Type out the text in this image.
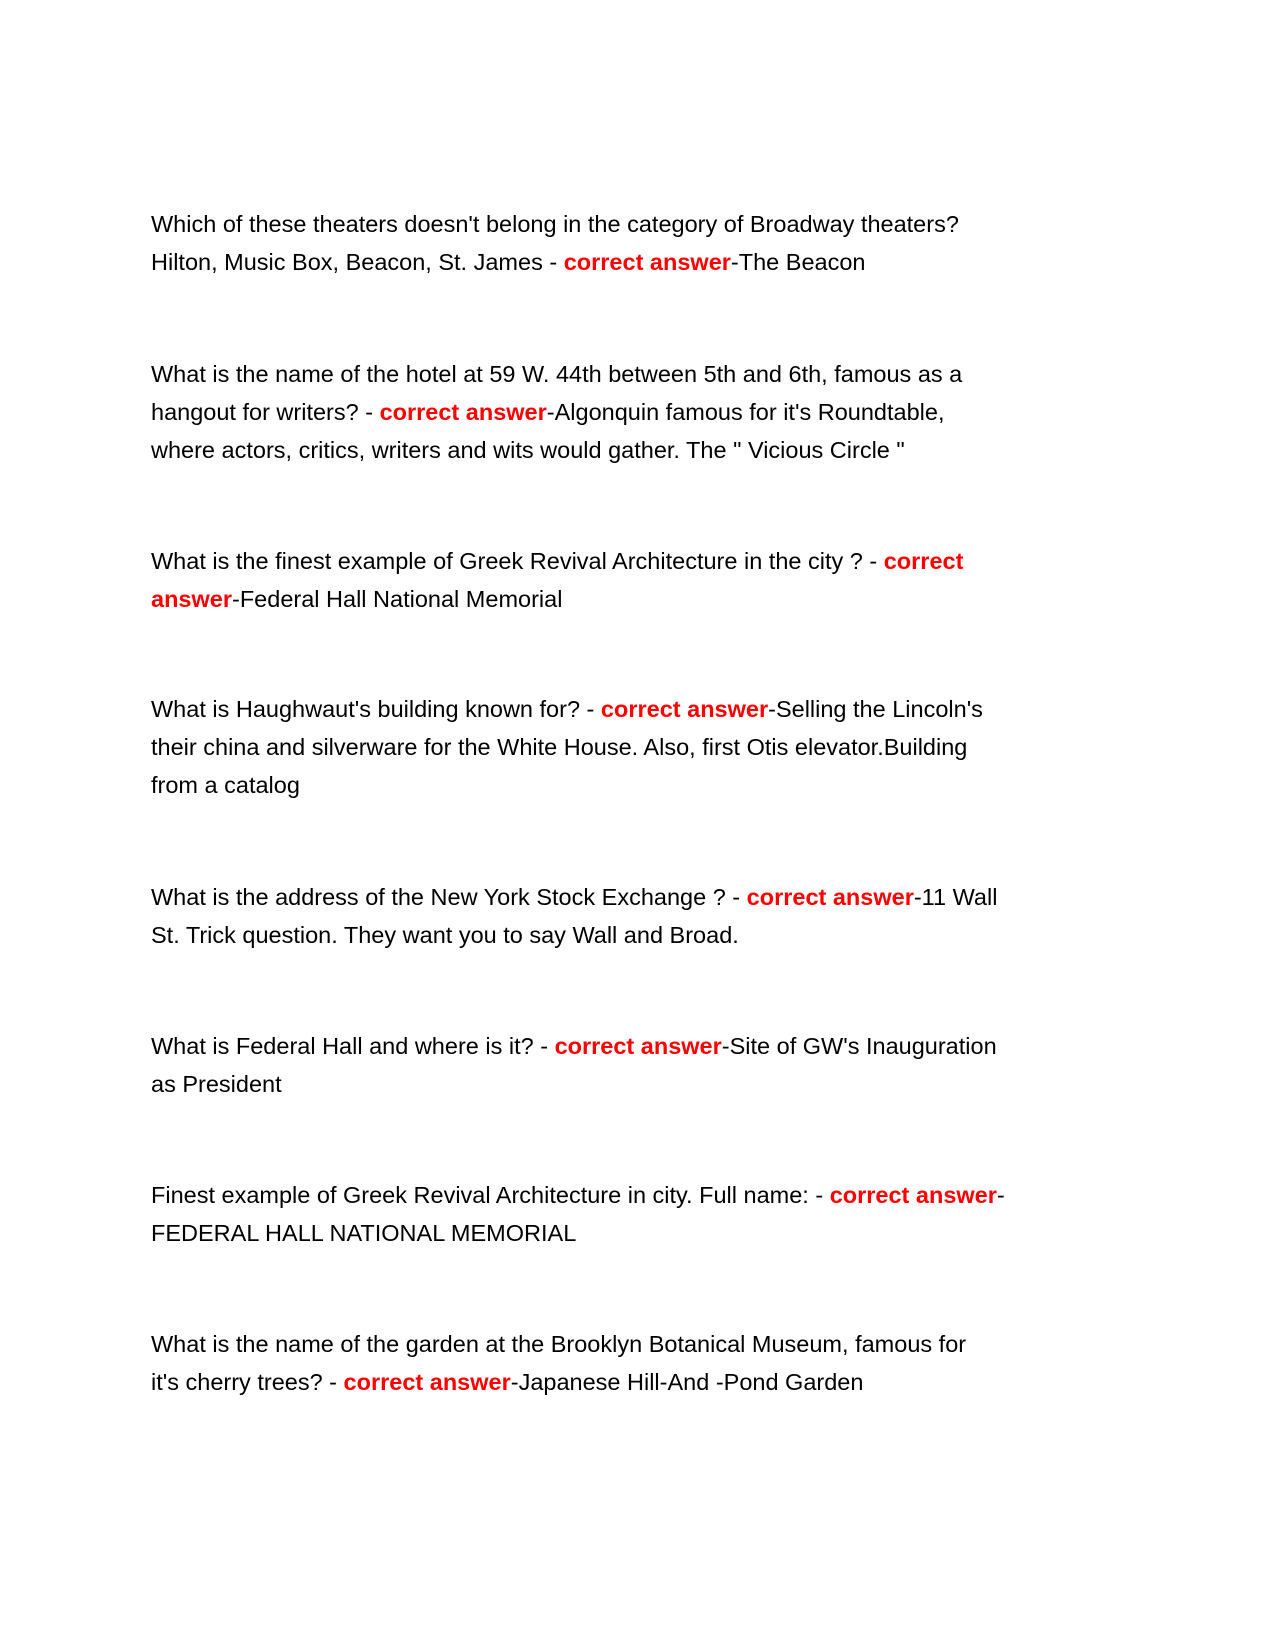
Which of these theaters doesn't belong in the category of Broadway theaters?
Hilton, Music Box, Beacon, St. James - correct answer-The Beacon
What is the name of the hotel at 59 W. 44th between 5th and 6th, famous as a
hangout for writers? - correct answer-Algonquin famous for it's Roundtable,
where actors, critics, writers and wits would gather. The " Vicious Circle "
What is the finest example of Greek Revival Architecture in the city ? - correct
answer-Federal Hall National Memorial
What is Haughwaut's building known for? - correct answer-Selling the Lincoln's
their china and silverware for the White House. Also, first Otis elevator.Building
from a catalog
What is the address of the New York Stock Exchange ? - correct answer-11 Wall
St. Trick question. They want you to say Wall and Broad.
What is Federal Hall and where is it? - correct answer-Site of GW's Inauguration
as President
Finest example of Greek Revival Architecture in city. Full name: - correct answer-
FEDERAL HALL NATIONAL MEMORIAL
What is the name of the garden at the Brooklyn Botanical Museum, famous for
it's cherry trees? - correct answer-Japanese Hill-And -Pond Garden
